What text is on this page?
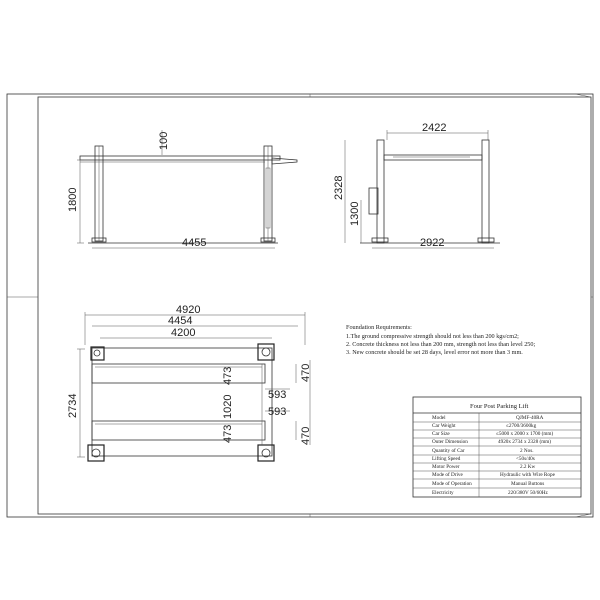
4455
1800
100
2422
2328
1300
2922
4920
4454
4200
2734
473
1020
473
470
470
593
593
Foundation Requirements:
1.The ground compressive strength should not less than 200 kgs/cm2;
2. Concrete thickness not less than 200 mm, strength not less than level 250;
3. New concrete should be set 28 days, level error not more than 3 mm.
Four Post Parking Lift
Model	QJMF-40RA
Car Weight	≤2700/3600kg
Car Size	≤5000 x 2000 x 1700 (mm)
Outer Dimension	4920x 2734 x 2328 (mm)
Quantity of Car	2 Nos.
Lifting Speed	<50s/40s
Motor Power	2.2 Kw
Mode of Drive	Hydraulic with Wire Rope
Mode of Operation	Manual Buttons
Electricity	220/380V 50/60Hz
